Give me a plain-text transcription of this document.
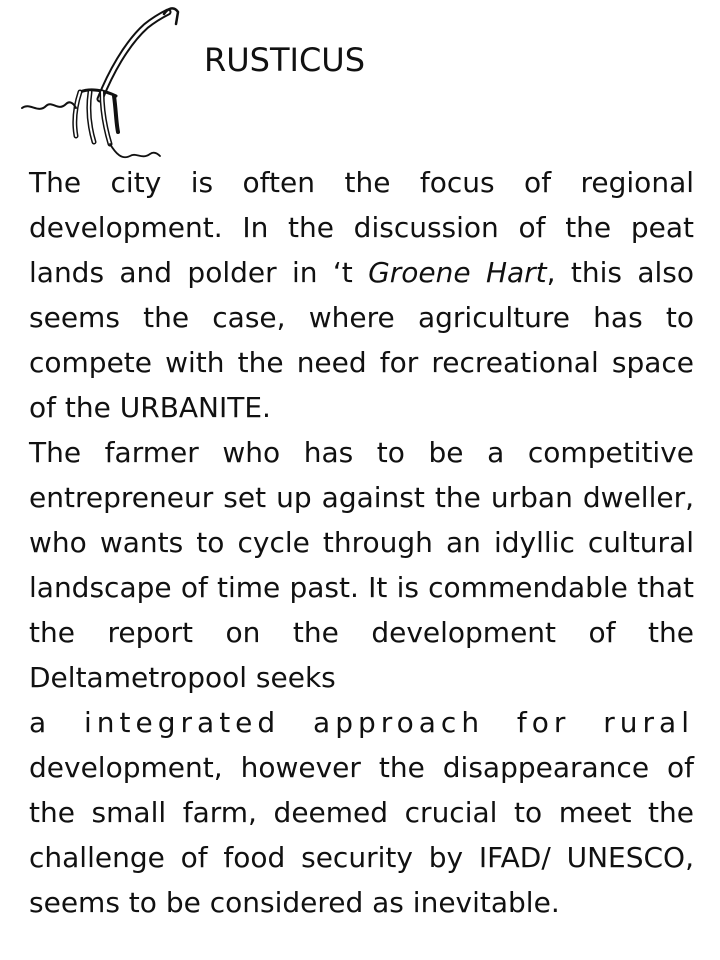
RUSTICUS

The city is often the focus of regional development. In the discussion of the peat lands and polder in ‘t Groene Hart, this also seems the case, where agriculture has to compete with the need for recreational space of the URBANITE.

The farmer who has to be a competitive entrepreneur set up against the urban dweller, who wants to cycle through an idyllic cultural landscape of time past. It is commendable that the report on the development of the Deltametropool seeks

a integrated approach for rural

development, however the disappearance of the small farm, deemed crucial to meet the challenge of food security by IFAD/ UNESCO, seems to be considered as inevitable.
